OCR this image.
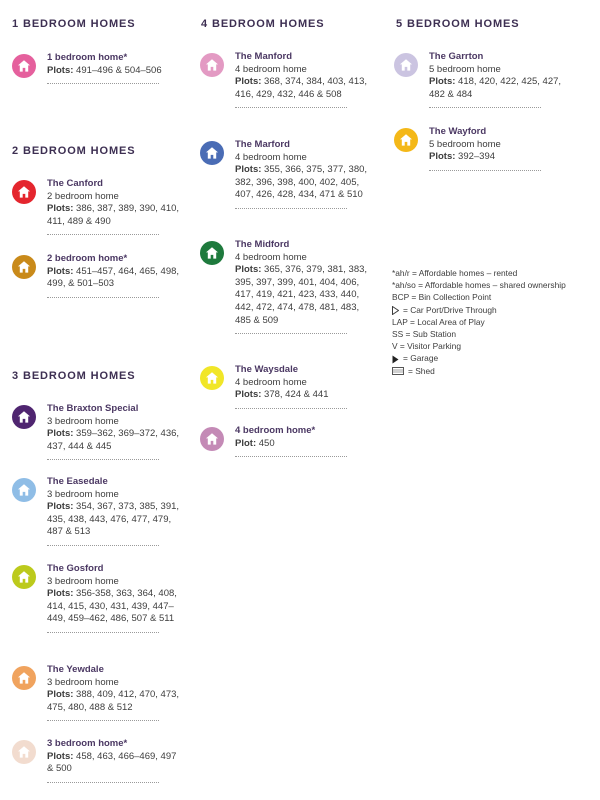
1 BEDROOM HOMES
2 BEDROOM HOMES
3 BEDROOM HOMES
4 BEDROOM HOMES	5 BEDROOM HOMES
1 bedroom home*
Plots: 491–496 & 504–506
The Canford
2 bedroom home
Plots: 386, 387, 389, 390, 410, 411, 489 & 490
2 bedroom home*
Plots: 451–457, 464, 465, 498, 499, & 501–503
The Braxton Special
3 bedroom home
Plots: 359–362, 369–372, 436, 437, 444 & 445
The Easedale
3 bedroom home
Plots: 354, 367, 373, 385, 391, 435, 438, 443, 476, 477, 479, 487 & 513
The Gosford
3 bedroom home
Plots: 356-358, 363, 364, 408, 414, 415, 430, 431, 439, 447–449, 459–462, 486, 507 & 511
The Yewdale
3 bedroom home
Plots: 388, 409, 412, 470, 473, 475, 480, 488 & 512
3 bedroom home*
Plots: 458, 463, 466–469, 497 & 500
The Manford
4 bedroom home
Plots: 368, 374, 384, 403, 413, 416, 429, 432, 446 & 508
The Marford
4 bedroom home
Plots: 355, 366, 375, 377, 380, 382, 396, 398, 400, 402, 405, 407, 426, 428, 434, 471 & 510
The Midford
4 bedroom home
Plots: 365, 376, 379, 381, 383, 395, 397, 399, 401, 404, 406, 417, 419, 421, 423, 433, 440, 442, 472, 474, 478, 481, 483, 485 & 509
The Waysdale
4 bedroom home
Plots: 378, 424 & 441
4 bedroom home*
Plot: 450
The Garrton
5 bedroom home
Plots: 418, 420, 422, 425, 427, 482 & 484
The Wayford
5 bedroom home
Plots: 392–394
*ah/r = Affordable homes – rented
*ah/so = Affordable homes – shared ownership
BCP = Bin Collection Point
= Car Port/Drive Through
LAP = Local Area of Play
SS = Sub Station
V = Visitor Parking
= Garage
= Shed
